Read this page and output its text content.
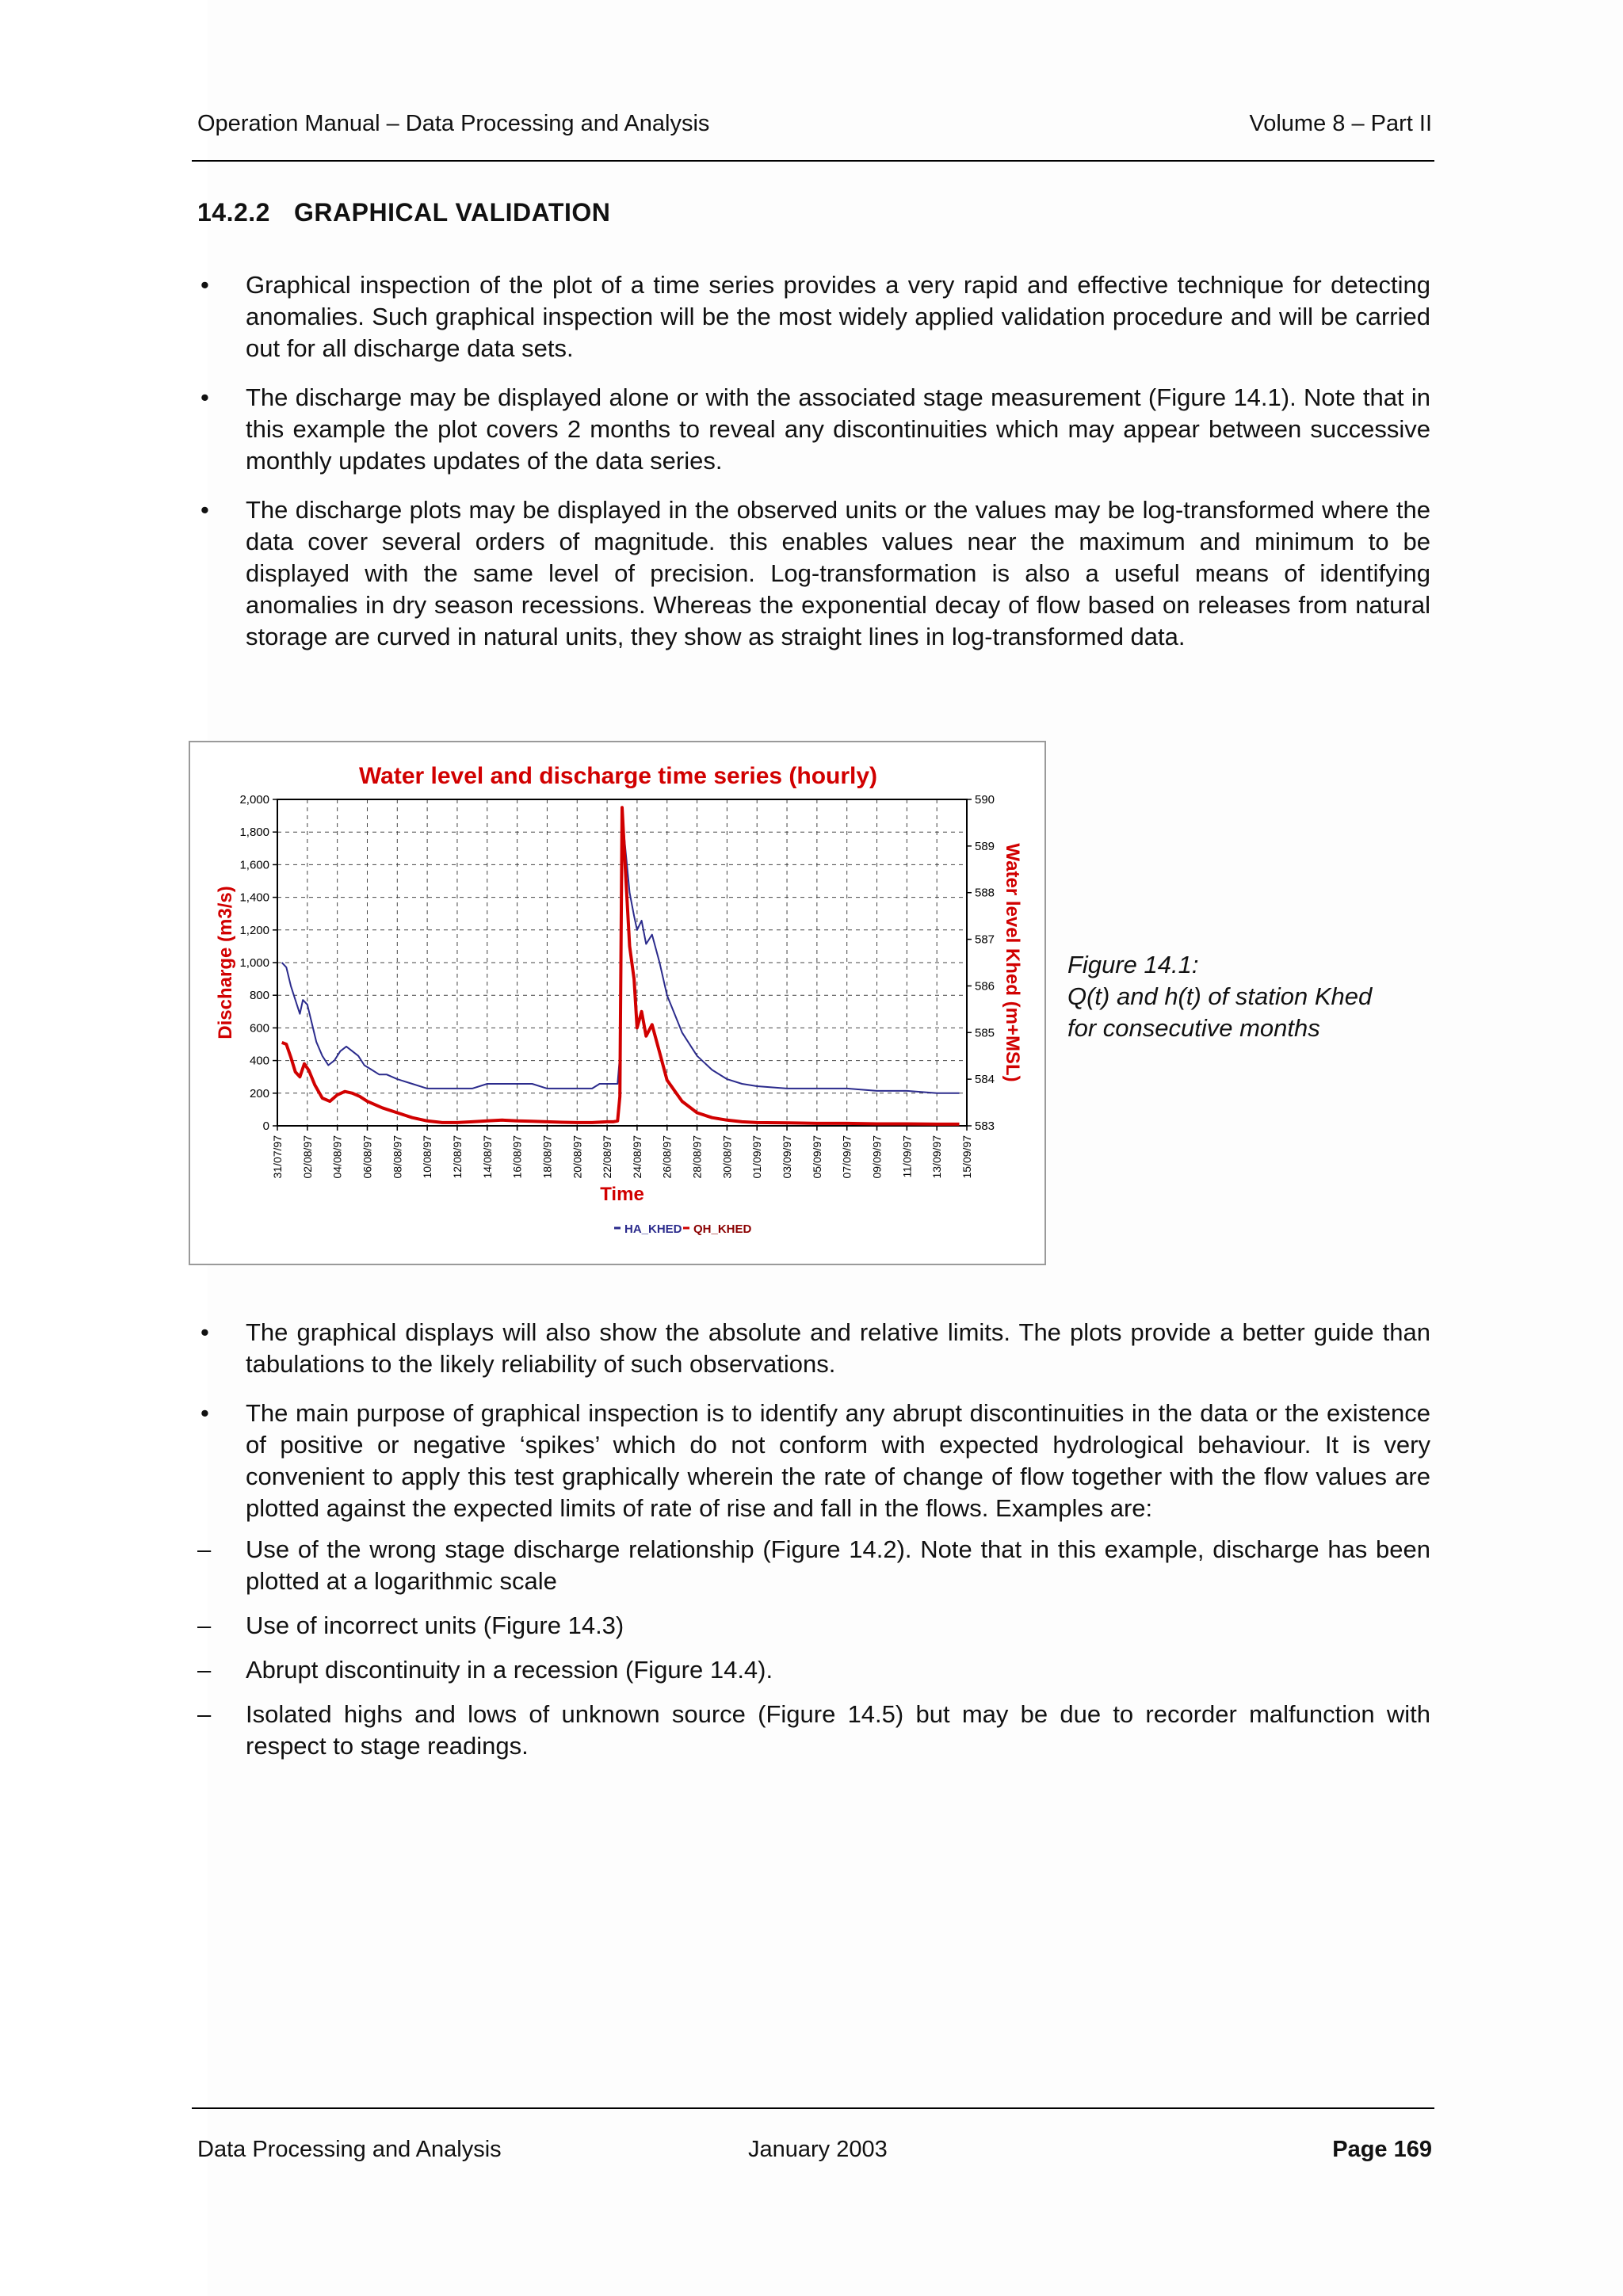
Operation Manual – Data Processing and Analysis	Volume 8 – Part II
14.2.2 GRAPHICAL VALIDATION
• Graphical inspection of the plot of a time series provides a very rapid and effective technique for detecting anomalies. Such graphical inspection will be the most widely applied validation procedure and will be carried out for all discharge data sets.
• The discharge may be displayed alone or with the associated stage measurement (Figure 14.1). Note that in this example the plot covers 2 months to reveal any discontinuities which may appear between successive monthly updates updates of the data series.
• The discharge plots may be displayed in the observed units or the values may be log-transformed where the data cover several orders of magnitude. this enables values near the maximum and minimum to be displayed with the same level of precision. Log-transformation is also a useful means of identifying anomalies in dry season recessions. Whereas the exponential decay of flow based on releases from natural storage are curved in natural units, they show as straight lines in log-transformed data.
Water level and discharge time series (hourly)
0
200
400
600
800
1,000
1,200
1,400
1,600
1,800
2,000
583
584
585
586
587
588
589
590
31/07/97 02/08/97 04/08/97 06/08/97 08/08/97 10/08/97 12/08/97 14/08/97 16/08/97 18/08/97 20/08/97 22/08/97 24/08/97 26/08/97 28/08/97 30/08/97 01/09/97 03/09/97 05/09/97 07/09/97 09/09/97 11/09/97 13/09/97 15/09/97
Discharge (m3/s)	Water level Khed (m+MSL)
Time
HA_KHED QH_KHED
Figure 14.1:
Q(t) and h(t) of station Khed
for consecutive months
• The graphical displays will also show the absolute and relative limits. The plots provide a better guide than tabulations to the likely reliability of such observations.
• The main purpose of graphical inspection is to identify any abrupt discontinuities in the data or the existence of positive or negative ‘spikes’ which do not conform with expected hydrological behaviour. It is very convenient to apply this test graphically wherein the rate of change of flow together with the flow values are plotted against the expected limits of rate of rise and fall in the flows. Examples are:
– Use of the wrong stage discharge relationship (Figure 14.2). Note that in this example, discharge has been plotted at a logarithmic scale
– Use of incorrect units (Figure 14.3)
– Abrupt discontinuity in a recession (Figure 14.4).
– Isolated highs and lows of unknown source (Figure 14.5) but may be due to recorder malfunction with respect to stage readings.
Data Processing and Analysis	January 2003	Page 169
